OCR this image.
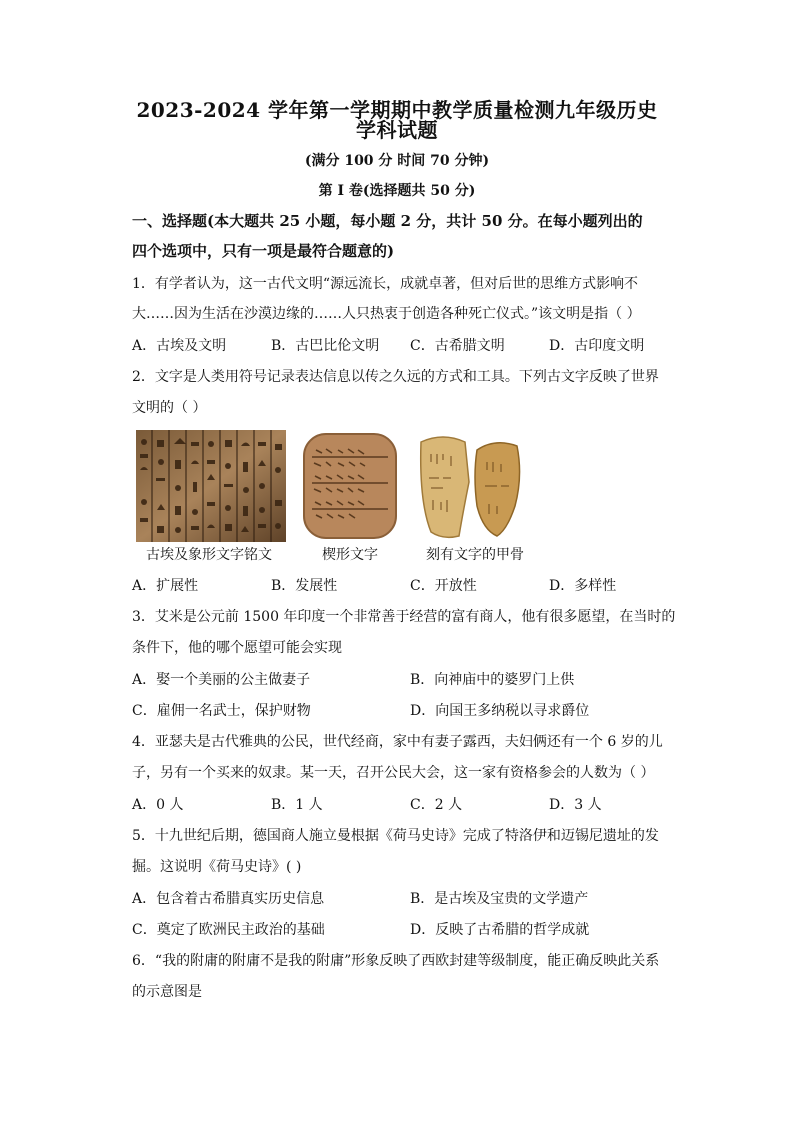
2023-2024 学年第一学期期中教学质量检测九年级历史
学科试题
(满分 100 分 时间 70 分钟)
第 I 卷(选择题共 50 分)
一、选择题(本大题共 25 小题，每小题 2 分，共计 50 分。在每小题列出的
四个选项中，只有一项是最符合题意的)
1．有学者认为，这一古代文明“源远流长，成就卓著，但对后世的思维方式影响不
大……因为生活在沙漠边缘的……人只热衷于创造各种死亡仪式。”该文明是指（ ）
A．古埃及文明	B．古巴比伦文明 C．古希腊文明	D．古印度文明
2．文字是人类用符号记录表达信息以传之久远的方式和工具。下列古文字反映了世界
文明的（ ）
古埃及象形文字铭文	楔形文字	刻有文字的甲骨
A．扩展性	B．发展性	C．开放性	D．多样性
3．艾米是公元前 1500 年印度一个非常善于经营的富有商人，他有很多愿望，在当时的
条件下，他的哪个愿望可能会实现
A．娶一个美丽的公主做妻子	B．向神庙中的婆罗门上供
C．雇佣一名武士，保护财物	D．向国王多纳税以寻求爵位
4．亚瑟夫是古代雅典的公民，世代经商，家中有妻子露西，夫妇俩还有一个 6 岁的儿
子，另有一个买来的奴隶。某一天，召开公民大会，这一家有资格参会的人数为（ ）
A．0 人	B．1 人	C．2 人	D．3 人
5．十九世纪后期，德国商人施立曼根据《荷马史诗》完成了特洛伊和迈锡尼遗址的发
掘。这说明《荷马史诗》( )
A．包含着古希腊真实历史信息	B．是古埃及宝贵的文学遗产
C．奠定了欧洲民主政治的基础	D．反映了古希腊的哲学成就
6．“我的附庸的附庸不是我的附庸”形象反映了西欧封建等级制度，能正确反映此关系
的示意图是
